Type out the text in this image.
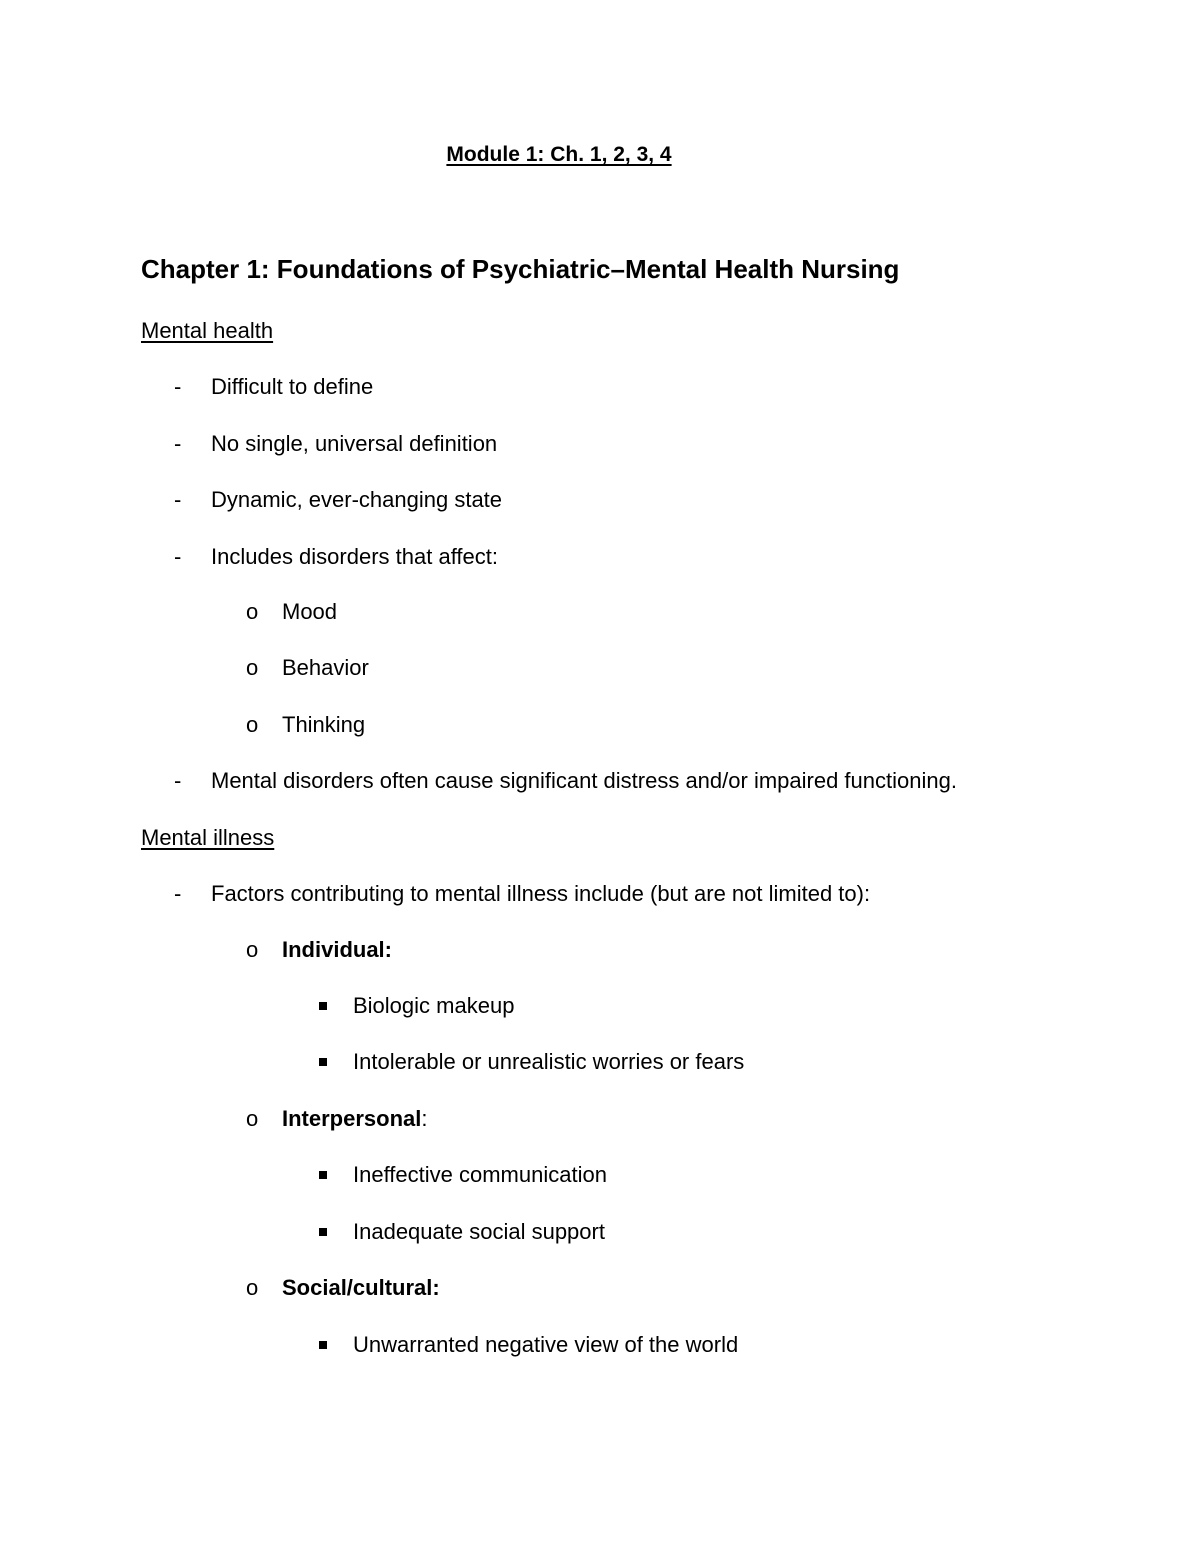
Module 1: Ch. 1, 2, 3, 4
Chapter 1: Foundations of Psychiatric–Mental Health Nursing
Mental health
- Difficult to define
- No single, universal definition
- Dynamic, ever-changing state
- Includes disorders that affect:
o Mood
o Behavior
o Thinking
- Mental disorders often cause significant distress and/or impaired functioning.
Mental illness
- Factors contributing to mental illness include (but are not limited to):
o Individual:
Biologic makeup
Intolerable or unrealistic worries or fears
o Interpersonal:
Ineffective communication
Inadequate social support
o Social/cultural:
Unwarranted negative view of the world
